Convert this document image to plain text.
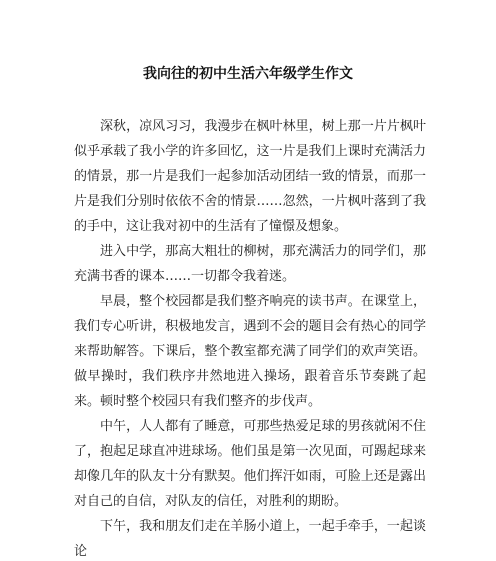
我向往的初中生活六年级学生作文

深秋，凉风习习，我漫步在枫叶林里，树上那一片片枫叶似乎承载了我小学的许多回忆，这一片是我们上课时充满活力的情景，那一片是我们一起参加活动团结一致的情景，而那一片是我们分别时依依不舍的情景……忽然，一片枫叶落到了我的手中，这让我对初中的生活有了憧憬及想象。

进入中学，那高大粗壮的柳树，那充满活力的同学们，那充满书香的课本……一切都令我着迷。

早晨，整个校园都是我们整齐响亮的读书声。在课堂上，我们专心听讲，积极地发言，遇到不会的题目会有热心的同学来帮助解答。下课后，整个教室都充满了同学们的欢声笑语。做早操时，我们秩序井然地进入操场，跟着音乐节奏跳了起来。顿时整个校园只有我们整齐的步伐声。

中午，人人都有了睡意，可那些热爱足球的男孩就闲不住了，抱起足球直冲进球场。他们虽是第一次见面，可踢起球来却像几年的队友十分有默契。他们挥汗如雨，可脸上还是露出对自己的自信，对队友的信任，对胜利的期盼。

下午，我和朋友们走在羊肠小道上，一起手牵手，一起谈论
